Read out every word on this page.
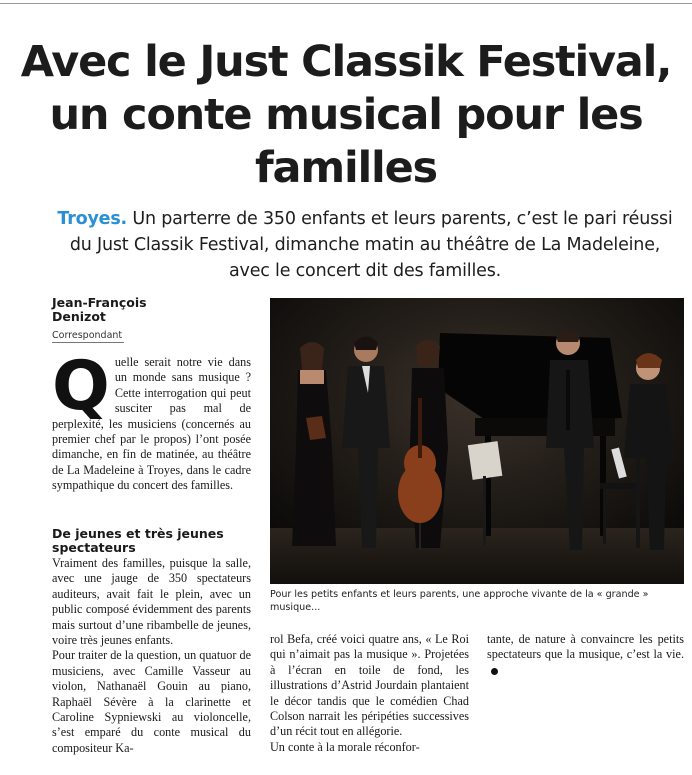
Avec le Just Classik Festival, un conte musical pour les familles

Troyes. Un parterre de 350 enfants et leurs parents, c’est le pari réussi du Just Classik Festival, dimanche matin au théâtre de La Madeleine, avec le concert dit des familles.

Jean-François Denizot
Correspondant
Q uelle serait notre vie dans un monde sans musique ? Cette interrogation qui peut susciter pas mal de perplexité, les musiciens (concernés au premier chef par le propos) l’ont posée dimanche, en fin de matinée, au théâtre de La Madeleine à Troyes, dans le cadre sympathique du concert des familles.

De jeunes et très jeunes spectateurs

Vraiment des familles, puisque la salle, avec une jauge de 350 spectateurs auditeurs, avait fait le plein, avec un public composé évidemment des parents mais surtout d’une ribambelle de jeunes, voire très jeunes enfants.

Pour traiter de la question, un quatuor de musiciens, avec Camille Vasseur au violon, Nathanaël Gouin au piano, Raphaël Sévère à la clarinette et Caroline Sypniewski au violoncelle, s’est emparé du conte musical du compositeur Ka-

Pour les petits enfants et leurs parents, une approche vivante de la « grande » musique...

rol Befa, créé voici quatre ans, « Le Roi qui n’aimait pas la musique ». Projetées à l’écran en toile de fond, les illustrations d’Astrid Jourdain plantaient le décor tandis que le comédien Chad Colson narrait les péripéties successives d’un récit tout en allégorie.

Un conte à la morale réconfor-

tante, de nature à convaincre les petits spectateurs que la musique, c’est la vie.
